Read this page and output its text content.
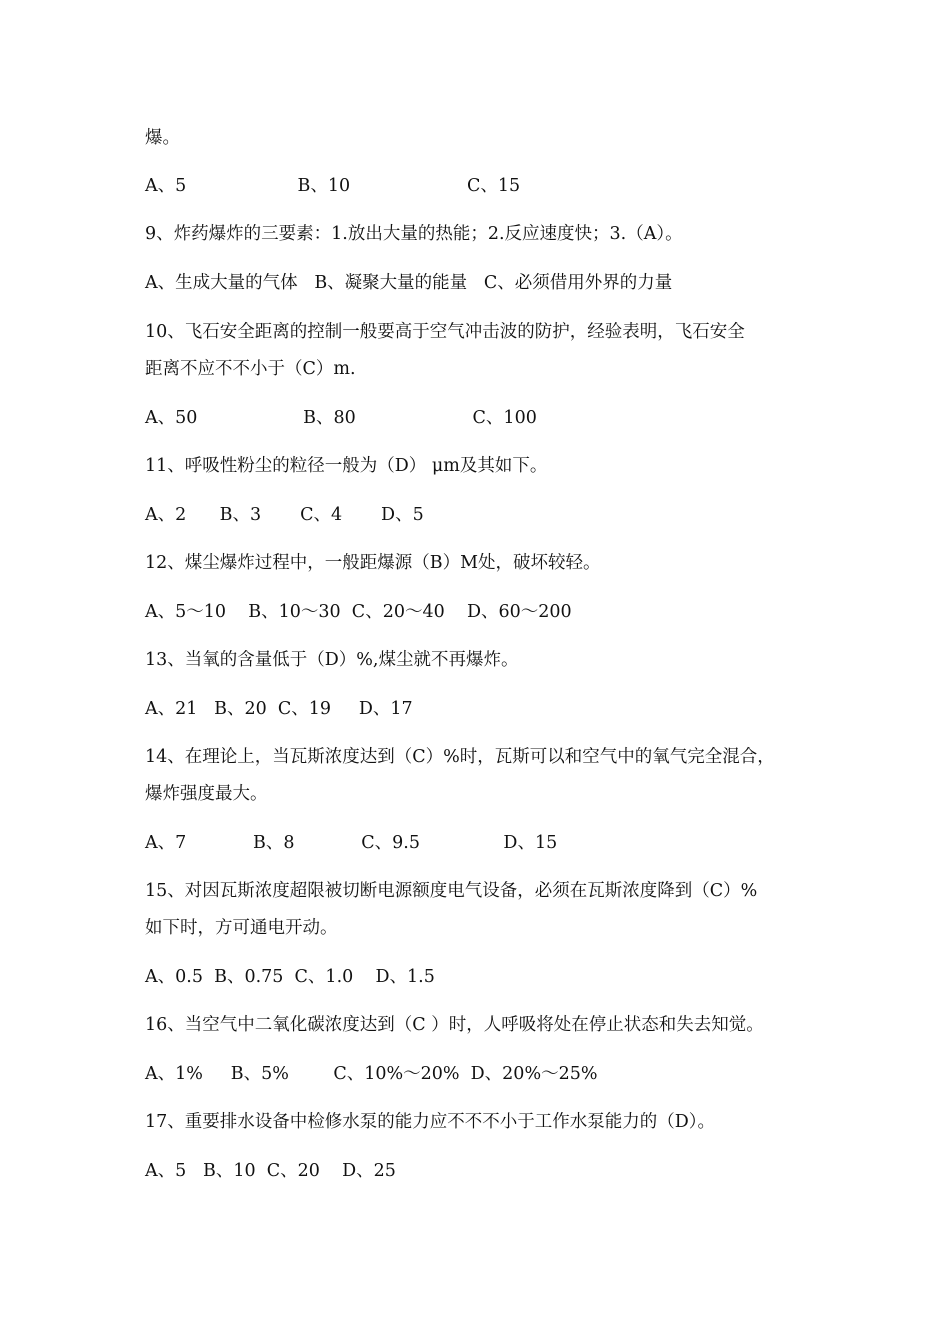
爆。
A、5                    B、10                     C、15
9、炸药爆炸的三要素：1.放出大量的热能；2.反应速度快；3.（A）。
A、生成大量的气体   B、凝聚大量的能量   C、必须借用外界的力量
10、飞石安全距离的控制一般要高于空气冲击波的防护，经验表明，飞石安全
距离不应不不小于（C）m.
A、50                   B、80                     C、100
11、呼吸性粉尘的粒径一般为（D） μm及其如下。
A、2      B、3       C、4       D、5
12、煤尘爆炸过程中，一般距爆源（B）M处，破坏较轻。
A、5～10    B、10～30  C、20～40    D、60～200
13、当氧的含量低于（D）%,煤尘就不再爆炸。
A、21   B、20  C、19     D、17
14、在理论上，当瓦斯浓度达到（C）%时，瓦斯可以和空气中的氧气完全混合，
爆炸强度最大。
A、7            B、8            C、9.5               D、15
15、对因瓦斯浓度超限被切断电源额度电气设备，必须在瓦斯浓度降到（C）%
如下时，方可通电开动。
A、0.5  B、0.75  C、1.0    D、1.5
16、当空气中二氧化碳浓度达到（C ）时，人呼吸将处在停止状态和失去知觉。
A、1%     B、5%        C、10%～20%  D、20%～25%
17、重要排水设备中检修水泵的能力应不不不小于工作水泵能力的（D）。
A、5   B、10  C、20    D、25
